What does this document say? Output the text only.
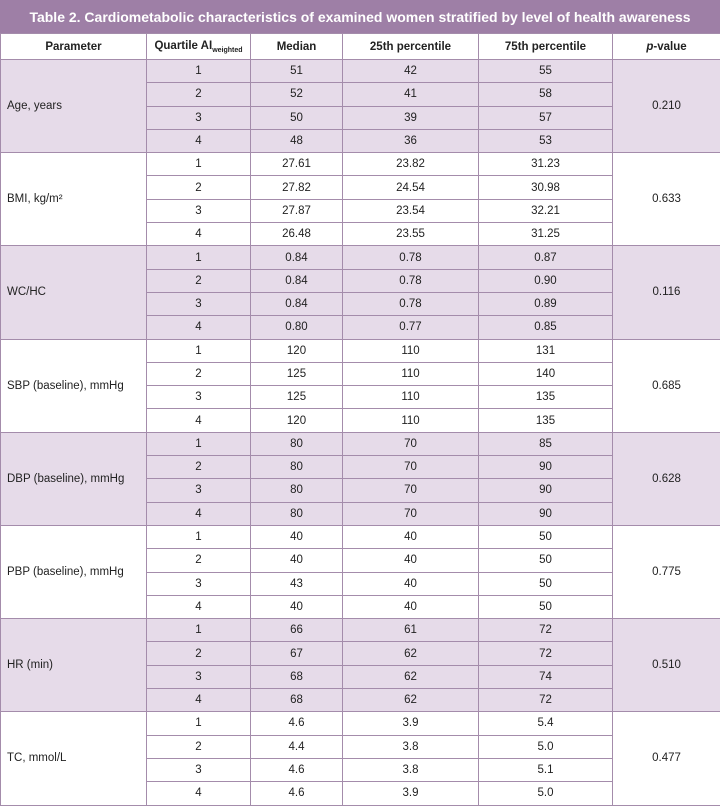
Table 2. Cardiometabolic characteristics of examined women stratified by level of health awareness
Parameter	Quartile $AI_{weighted}$	Median	25th percentile	75th percentile	p-value
Age, years	1	51	42	55	0.210
	2	52	41	58	
	3	50	39	57	
	4	48	36	53	
BMI, kg/m²	1	27.61	23.82	31.23	0.633
	2	27.82	24.54	30.98	
	3	27.87	23.54	32.21	
	4	26.48	23.55	31.25	
WC/HC	1	0.84	0.78	0.87	0.116
	2	0.84	0.78	0.90	
	3	0.84	0.78	0.89	
	4	0.80	0.77	0.85	
SBP (baseline), mmHg	1	120	110	131	0.685
	2	125	110	140	
	3	125	110	135	
	4	120	110	135	
DBP (baseline), mmHg	1	80	70	85	0.628
	2	80	70	90	
	3	80	70	90	
	4	80	70	90	
PBP (baseline), mmHg	1	40	40	50	0.775
	2	40	40	50	
	3	43	40	50	
	4	40	40	50	
HR (min)	1	66	61	72	0.510
	2	67	62	72	
	3	68	62	74	
	4	68	62	72	
TC, mmol/L	1	4.6	3.9	5.4	0.477
	2	4.4	3.8	5.0	
	3	4.6	3.8	5.1	
	4	4.6	3.9	5.0	
